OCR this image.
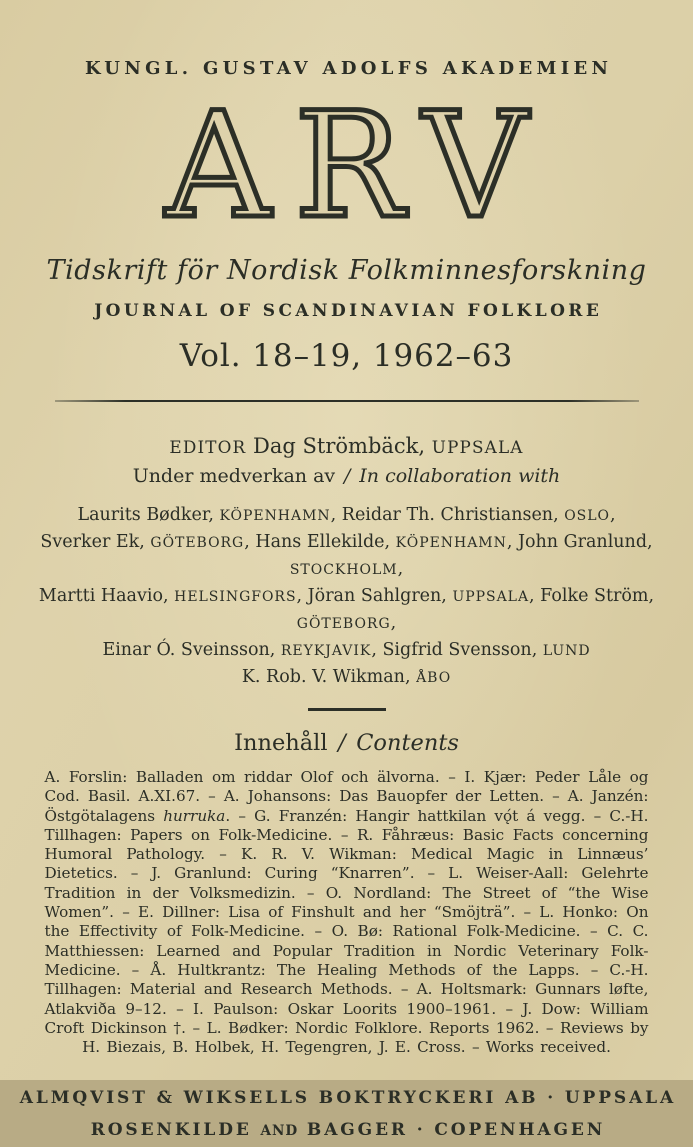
KUNGL. GUSTAV ADOLFS AKADEMIEN

ARV

Tidskrift för Nordisk Folkminnesforskning

JOURNAL OF SCANDINAVIAN FOLKLORE

Vol. 18–19, 1962–63

EDITOR Dag Strömbäck, UPPSALA

Under medverkan av / In collaboration with

Laurits Bødker, KÖPENHAMN, Reidar Th. Christiansen, OSLO,

Sverker Ek, GÖTEBORG, Hans Ellekilde, KÖPENHAMN, John Granlund, STOCKHOLM,

Martti Haavio, HELSINGFORS, Jöran Sahlgren, UPPSALA, Folke Ström, GÖTEBORG,

Einar Ó. Sveinsson, REYKJAVIK, Sigfrid Svensson, LUND

K. Rob. V. Wikman, ÅBO

Innehåll / Contents

A. Forslin: Balladen om riddar Olof och älvorna. – I. Kjær: Peder Låle og Cod. Basil. A.XI.67. – A. Johansons: Das Bauopfer der Letten. – A. Janzén: Östgötalagens hurruka. – G. Franzén: Hangir hattkilan vǫ́t á vegg. – C.-H. Tillhagen: Papers on Folk-Medicine. – R. Fåhræus: Basic Facts concerning Humoral Pathology. – K. R. V. Wikman: Medical Magic in Linnæus’ Dietetics. – J. Granlund: Curing “Knarren”. – L. Weiser-Aall: Gelehrte Tradition in der Volksmedizin. – O. Nordland: The Street of “the Wise Women”. – E. Dillner: Lisa of Finshult and her “Smöjträ”. – L. Honko: On the Effectivity of Folk-Medicine. – O. Bø: Rational Folk-Medicine. – C. C. Matthiessen: Learned and Popular Tradition in Nordic Veterinary Folk-Medicine. – Å. Hultkrantz: The Healing Methods of the Lapps. – C.-H. Tillhagen: Material and Research Methods. – A. Holtsmark: Gunnars løfte, Atlakviða 9–12. – I. Paulson: Oskar Loorits 1900–1961. – J. Dow: William Croft Dickinson †. – L. Bødker: Nordic Folklore. Reports 1962. – Reviews by H. Biezais, B. Holbek, H. Tegengren, J. E. Cross. – Works received.

ALMQVIST & WIKSELLS BOKTRYCKERI AB · UPPSALA

ROSENKILDE AND BAGGER · COPENHAGEN
